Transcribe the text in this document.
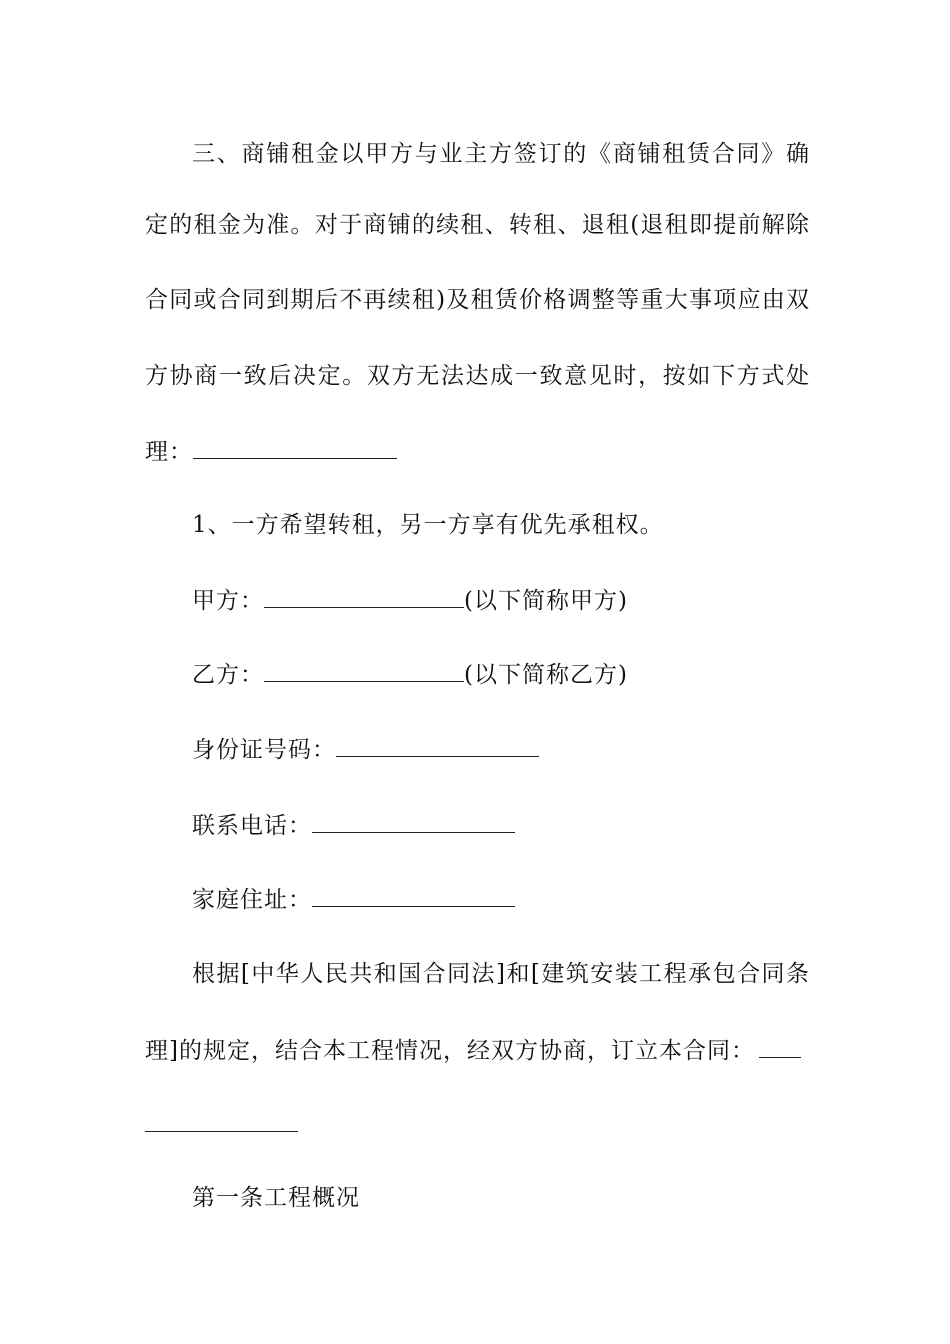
三、商铺租金以甲方与业主方签订的《商铺租赁合同》确
定的租金为准。对于商铺的续租、转租、退租(退租即提前解除
合同或合同到期后不再续租)及租赁价格调整等重大事项应由双
方协商一致后决定。双方无法达成一致意见时，按如下方式处
理：
1、一方希望转租，另一方享有优先承租权。
甲方：	(以下简称甲方)
乙方：	(以下简称乙方)
身份证号码：
联系电话：
家庭住址：
根据[中华人民共和国合同法]和[建筑安装工程承包合同条
理]的规定，结合本工程情况，经双方协商，订立本合同：
第一条工程概况
